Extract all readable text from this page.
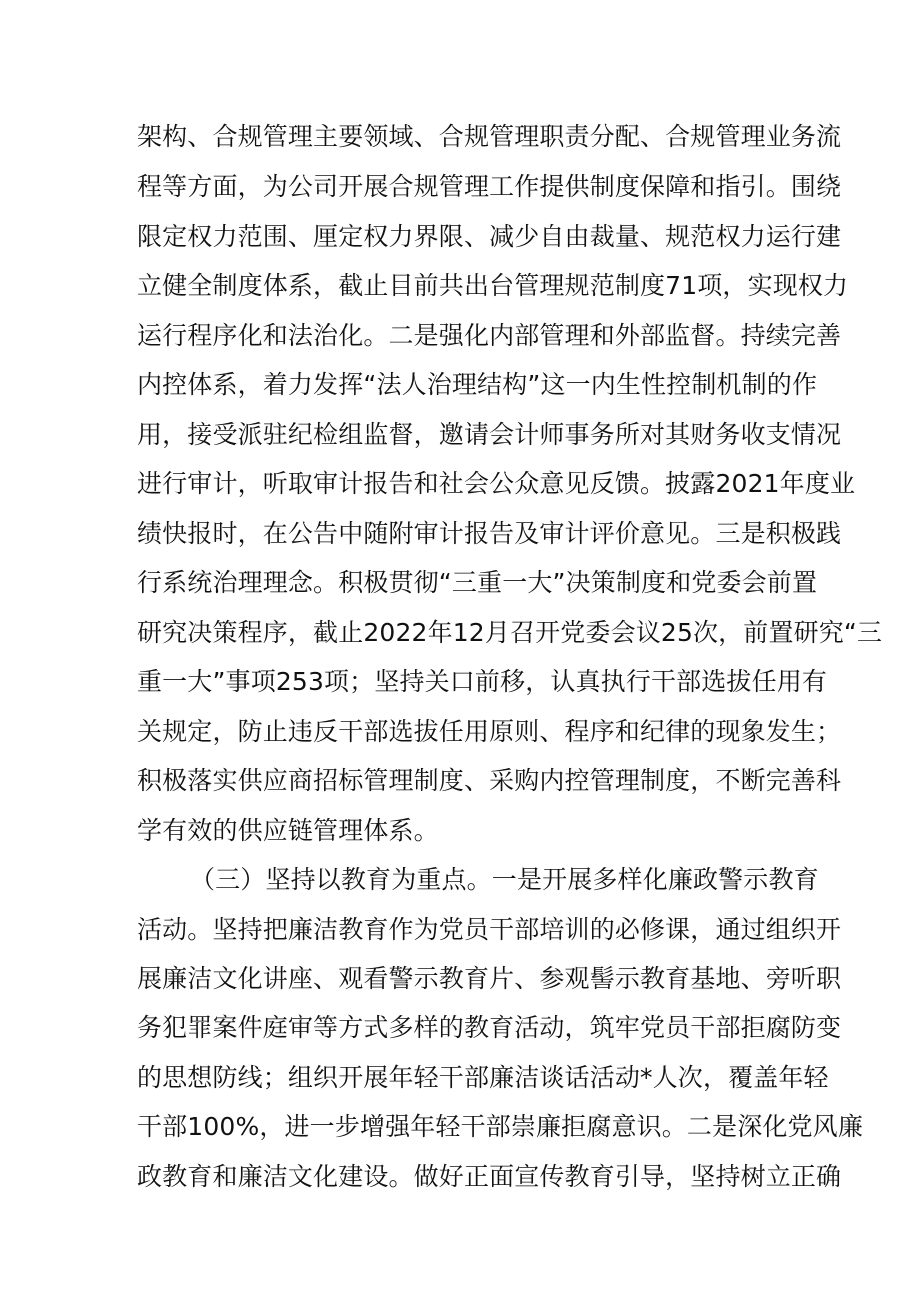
架构、合规管理主要领域、合规管理职责分配、合规管理业务流
程等方面，为公司开展合规管理工作提供制度保障和指引。围绕
限定权力范围、厘定权力界限、减少自由裁量、规范权力运行建
立健全制度体系，截止目前共出台管理规范制度71项，实现权力
运行程序化和法治化。二是强化内部管理和外部监督。持续完善
内控体系，着力发挥“法人治理结构”这一内生性控制机制的作
用，接受派驻纪检组监督，邀请会计师事务所对其财务收支情况
进行审计，听取审计报告和社会公众意见反馈。披露2021年度业
绩快报时，在公告中随附审计报告及审计评价意见。三是积极践
行系统治理理念。积极贯彻“三重一大”决策制度和党委会前置
研究决策程序，截止2022年12月召开党委会议25次，前置研究“三
重一大”事项253项；坚持关口前移，认真执行干部选拔任用有
关规定，防止违反干部选拔任用原则、程序和纪律的现象发生；
积极落实供应商招标管理制度、采购内控管理制度，不断完善科
学有效的供应链管理体系。
（三）坚持以教育为重点。一是开展多样化廉政警示教育
活动。坚持把廉洁教育作为党员干部培训的必修课，通过组织开
展廉洁文化讲座、观看警示教育片、参观髻示教育基地、旁听职
务犯罪案件庭审等方式多样的教育活动，筑牢党员干部拒腐防变
的思想防线；组织开展年轻干部廉洁谈话活动*人次，覆盖年轻
干部100%，进一步增强年轻干部崇廉拒腐意识。二是深化党风廉
政教育和廉洁文化建设。做好正面宣传教育引导，坚持树立正确
